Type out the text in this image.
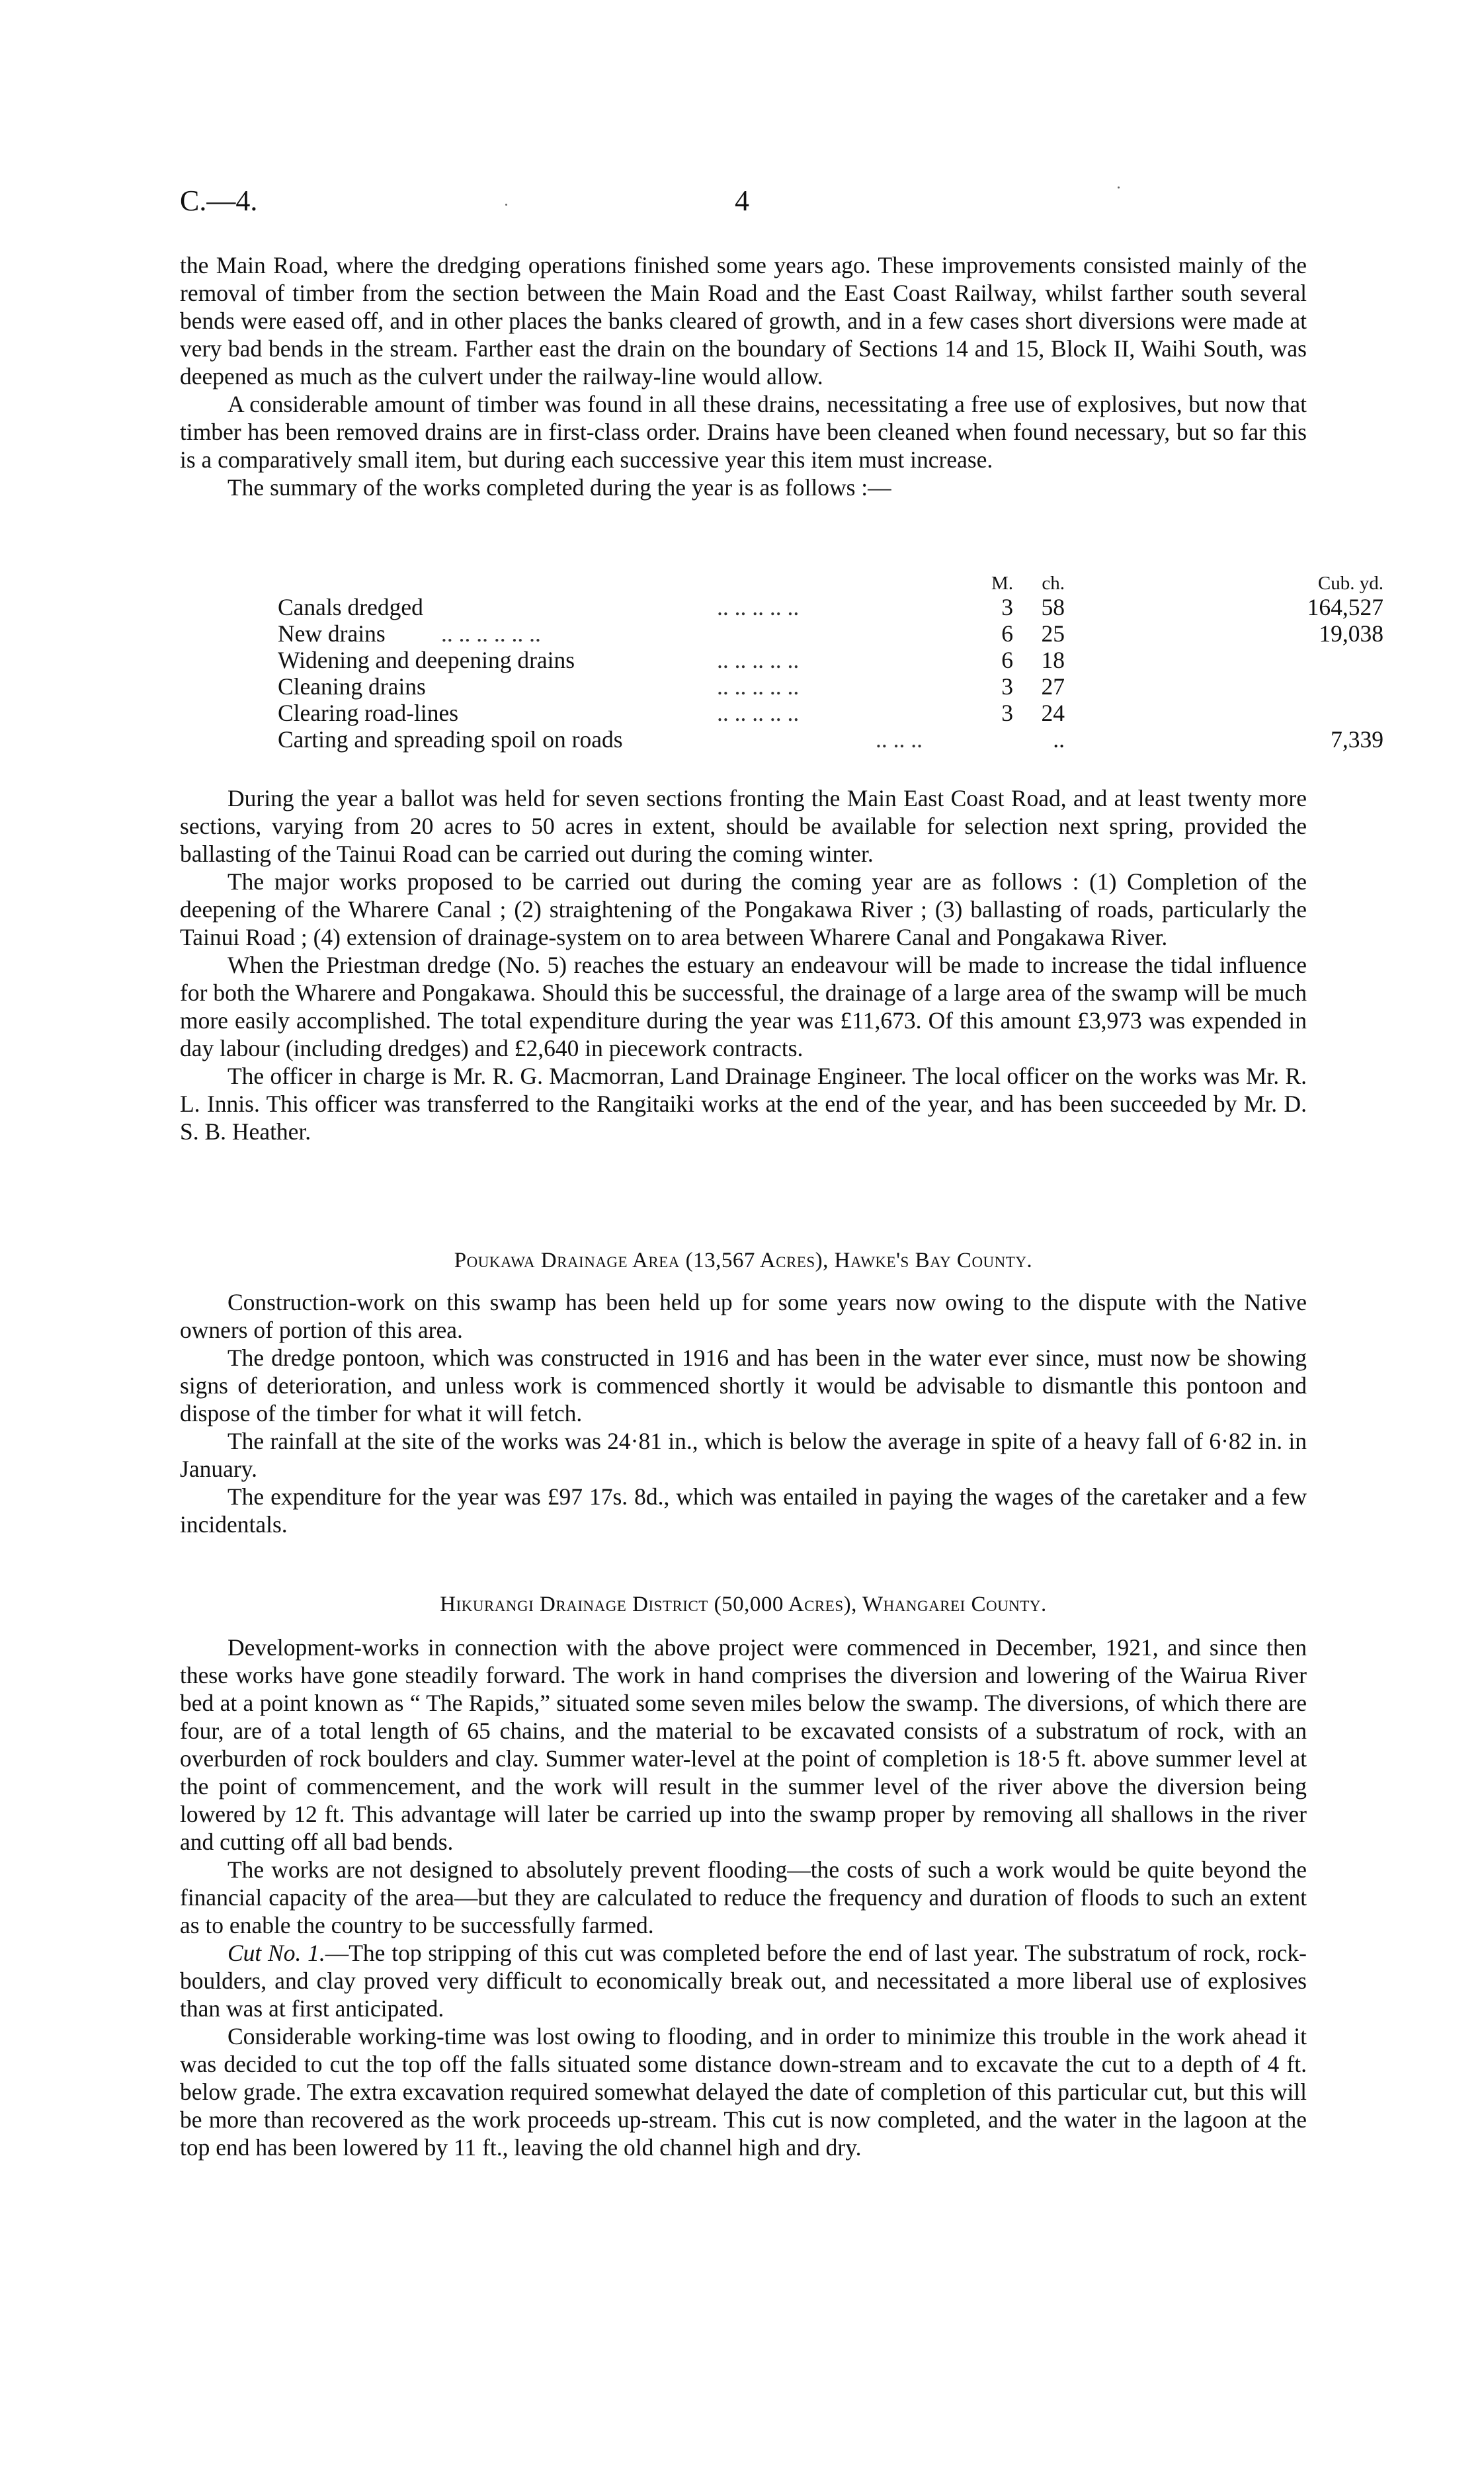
C.—4.	4

the Main Road, where the dredging operations finished some years ago. These improvements consisted mainly of the removal of timber from the section between the Main Road and the East Coast Railway, whilst farther south several bends were eased off, and in other places the banks cleared of growth, and in a few cases short diversions were made at very bad bends in the stream. Farther east the drain on the boundary of Sections 14 and 15, Block II, Waihi South, was deepened as much as the culvert under the railway-line would allow.

A considerable amount of timber was found in all these drains, necessitating a free use of explosives, but now that timber has been removed drains are in first-class order. Drains have been cleaned when found necessary, but so far this is a comparatively small item, but during each successive year this item must increase.

The summary of the works completed during the year is as follows :—

M.	ch.	Cub. yd.
Canals dredged	.. .. .. .. ..	3	58	164,527
New drains .. .. .. .. .. ..	6	25	19,038
Widening and deepening drains	.. .. .. .. ..	6	18
Cleaning drains	.. .. .. .. ..	3	27
Clearing road-lines	.. .. .. .. ..	3	24
Carting and spreading spoil on roads	.. .. ..	..	7,339

During the year a ballot was held for seven sections fronting the Main East Coast Road, and at least twenty more sections, varying from 20 acres to 50 acres in extent, should be available for selection next spring, provided the ballasting of the Tainui Road can be carried out during the coming winter.

The major works proposed to be carried out during the coming year are as follows : (1) Completion of the deepening of the Wharere Canal ; (2) straightening of the Pongakawa River ; (3) ballasting of roads, particularly the Tainui Road ; (4) extension of drainage-system on to area between Wharere Canal and Pongakawa River.

When the Priestman dredge (No. 5) reaches the estuary an endeavour will be made to increase the tidal influence for both the Wharere and Pongakawa. Should this be successful, the drainage of a large area of the swamp will be much more easily accomplished. The total expenditure during the year was £11,673. Of this amount £3,973 was expended in day labour (including dredges) and £2,640 in piecework contracts.

The officer in charge is Mr. R. G. Macmorran, Land Drainage Engineer. The local officer on the works was Mr. R. L. Innis. This officer was transferred to the Rangitaiki works at the end of the year, and has been succeeded by Mr. D. S. B. Heather.

Poukawa Drainage Area (13,567 Acres), Hawke's Bay County.

Construction-work on this swamp has been held up for some years now owing to the dispute with the Native owners of portion of this area.

The dredge pontoon, which was constructed in 1916 and has been in the water ever since, must now be showing signs of deterioration, and unless work is commenced shortly it would be advisable to dismantle this pontoon and dispose of the timber for what it will fetch.

The rainfall at the site of the works was 24·81 in., which is below the average in spite of a heavy fall of 6·82 in. in January.

The expenditure for the year was £97 17s. 8d., which was entailed in paying the wages of the caretaker and a few incidentals.

Hikurangi Drainage District (50,000 Acres), Whangarei County.

Development-works in connection with the above project were commenced in December, 1921, and since then these works have gone steadily forward. The work in hand comprises the diversion and lowering of the Wairua River bed at a point known as “ The Rapids,” situated some seven miles below the swamp. The diversions, of which there are four, are of a total length of 65 chains, and the material to be excavated consists of a substratum of rock, with an overburden of rock boulders and clay. Summer water-level at the point of completion is 18·5 ft. above summer level at the point of commencement, and the work will result in the summer level of the river above the diversion being lowered by 12 ft. This advantage will later be carried up into the swamp proper by removing all shallows in the river and cutting off all bad bends.

The works are not designed to absolutely prevent flooding—the costs of such a work would be quite beyond the financial capacity of the area—but they are calculated to reduce the frequency and duration of floods to such an extent as to enable the country to be successfully farmed.

Cut No. 1.—The top stripping of this cut was completed before the end of last year. The substratum of rock, rock-boulders, and clay proved very difficult to economically break out, and necessitated a more liberal use of explosives than was at first anticipated.

Considerable working-time was lost owing to flooding, and in order to minimize this trouble in the work ahead it was decided to cut the top off the falls situated some distance down-stream and to excavate the cut to a depth of 4 ft. below grade. The extra excavation required somewhat delayed the date of completion of this particular cut, but this will be more than recovered as the work proceeds up-stream. This cut is now completed, and the water in the lagoon at the top end has been lowered by 11 ft., leaving the old channel high and dry.
